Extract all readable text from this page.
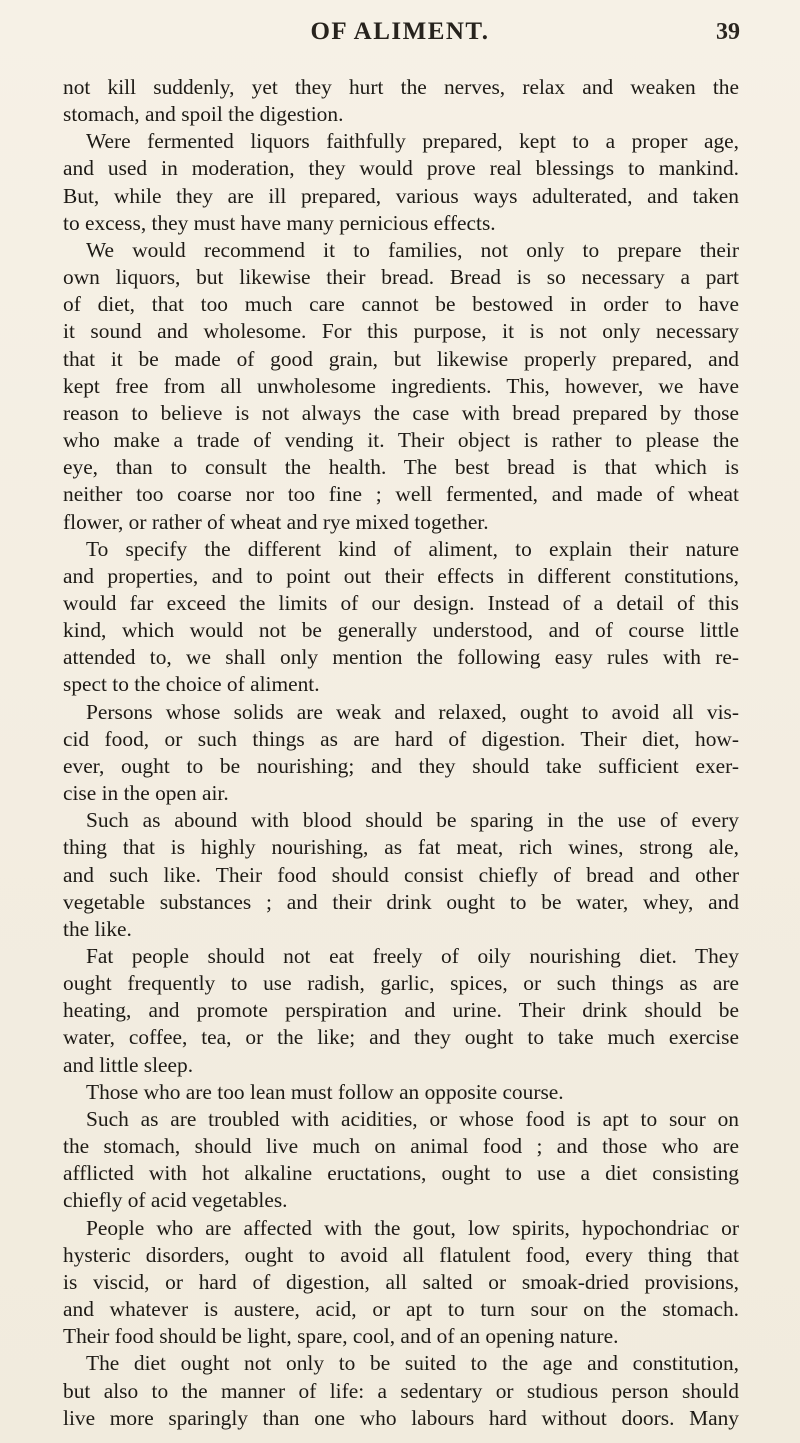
OF ALIMENT.	39
not kill suddenly, yet they hurt the nerves, relax and weaken the
stomach, and spoil the digestion.
Were fermented liquors faithfully prepared, kept to a proper age,
and used in moderation, they would prove real blessings to mankind.
But, while they are ill prepared, various ways adulterated, and taken
to excess, they must have many pernicious effects.
We would recommend it to families, not only to prepare their
own liquors, but likewise their bread. Bread is so necessary a part
of diet, that too much care cannot be bestowed in order to have
it sound and wholesome. For this purpose, it is not only necessary
that it be made of good grain, but likewise properly prepared, and
kept free from all unwholesome ingredients. This, however, we have
reason to believe is not always the case with bread prepared by those
who make a trade of vending it. Their object is rather to please the
eye, than to consult the health. The best bread is that which is
neither too coarse nor too fine ; well fermented, and made of wheat
flower, or rather of wheat and rye mixed together.
To specify the different kind of aliment, to explain their nature
and properties, and to point out their effects in different constitutions,
would far exceed the limits of our design. Instead of a detail of this
kind, which would not be generally understood, and of course little
attended to, we shall only mention the following easy rules with re-
spect to the choice of aliment.
Persons whose solids are weak and relaxed, ought to avoid all vis-
cid food, or such things as are hard of digestion. Their diet, how-
ever, ought to be nourishing; and they should take sufficient exer-
cise in the open air.
Such as abound with blood should be sparing in the use of every
thing that is highly nourishing, as fat meat, rich wines, strong ale,
and such like. Their food should consist chiefly of bread and other
vegetable substances ; and their drink ought to be water, whey, and
the like.
Fat people should not eat freely of oily nourishing diet. They
ought frequently to use radish, garlic, spices, or such things as are
heating, and promote perspiration and urine. Their drink should be
water, coffee, tea, or the like; and they ought to take much exercise
and little sleep.
Those who are too lean must follow an opposite course.
Such as are troubled with acidities, or whose food is apt to sour on
the stomach, should live much on animal food ; and those who are
afflicted with hot alkaline eructations, ought to use a diet consisting
chiefly of acid vegetables.
People who are affected with the gout, low spirits, hypochondriac or
hysteric disorders, ought to avoid all flatulent food, every thing that
is viscid, or hard of digestion, all salted or smoak-dried provisions,
and whatever is austere, acid, or apt to turn sour on the stomach.
Their food should be light, spare, cool, and of an opening nature.
The diet ought not only to be suited to the age and constitution,
but also to the manner of life: a sedentary or studious person should
live more sparingly than one who labours hard without doors. Many
